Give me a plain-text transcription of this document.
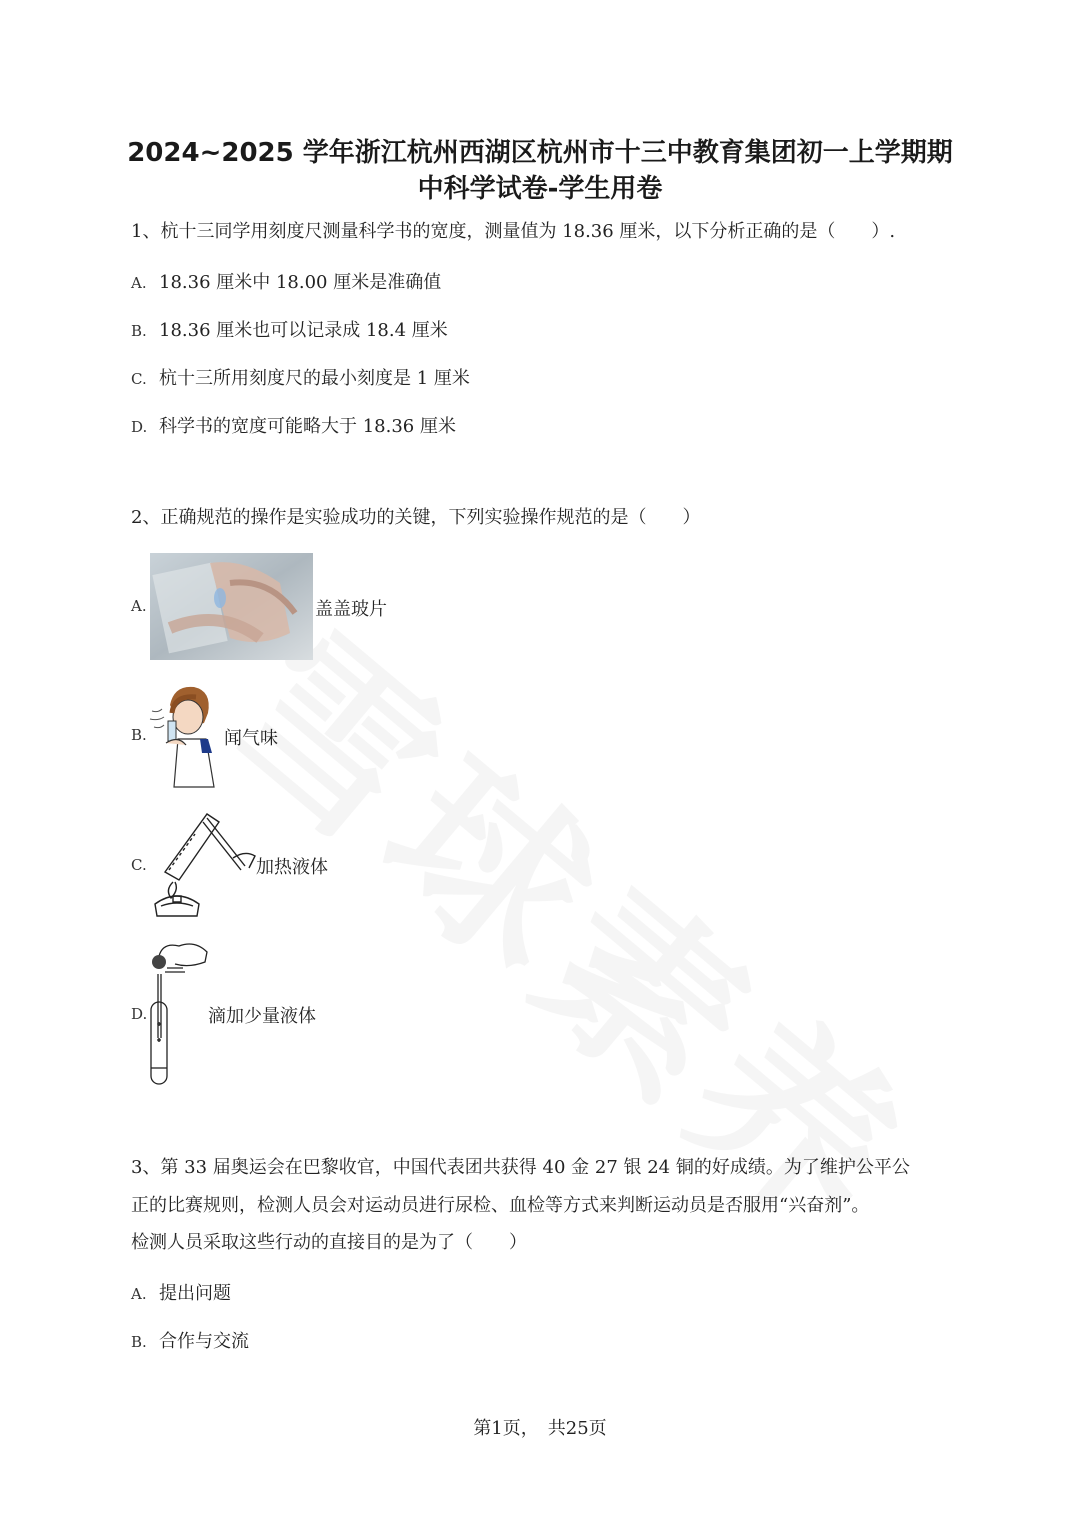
2024~2025 学年浙江杭州西湖区杭州市十三中教育集团初一上学期期
中科学试卷-学生用卷
1、杭十三同学用刻度尺测量科学书的宽度，测量值为 18.36 厘米，以下分析正确的是（　　）.
A. 18.36 厘米中 18.00 厘米是准确值
B. 18.36 厘米也可以记录成 18.4 厘米
C. 杭十三所用刻度尺的最小刻度是 1 厘米
D. 科学书的宽度可能略大于 18.36 厘米
2、正确规范的操作是实验成功的关键，下列实验操作规范的是（　　）
A.	盖盖玻片
B.	闻气味
C.	加热液体
D.	滴加少量液体
3、第 33 届奥运会在巴黎收官，中国代表团共获得 40 金 27 银 24 铜的好成绩。为了维护公平公
正的比赛规则，检测人员会对运动员进行尿检、血检等方式来判断运动员是否服用“兴奋剂”。
检测人员采取这些行动的直接目的是为了（　　）
A. 提出问题
B. 合作与交流
第1页，　共25页
